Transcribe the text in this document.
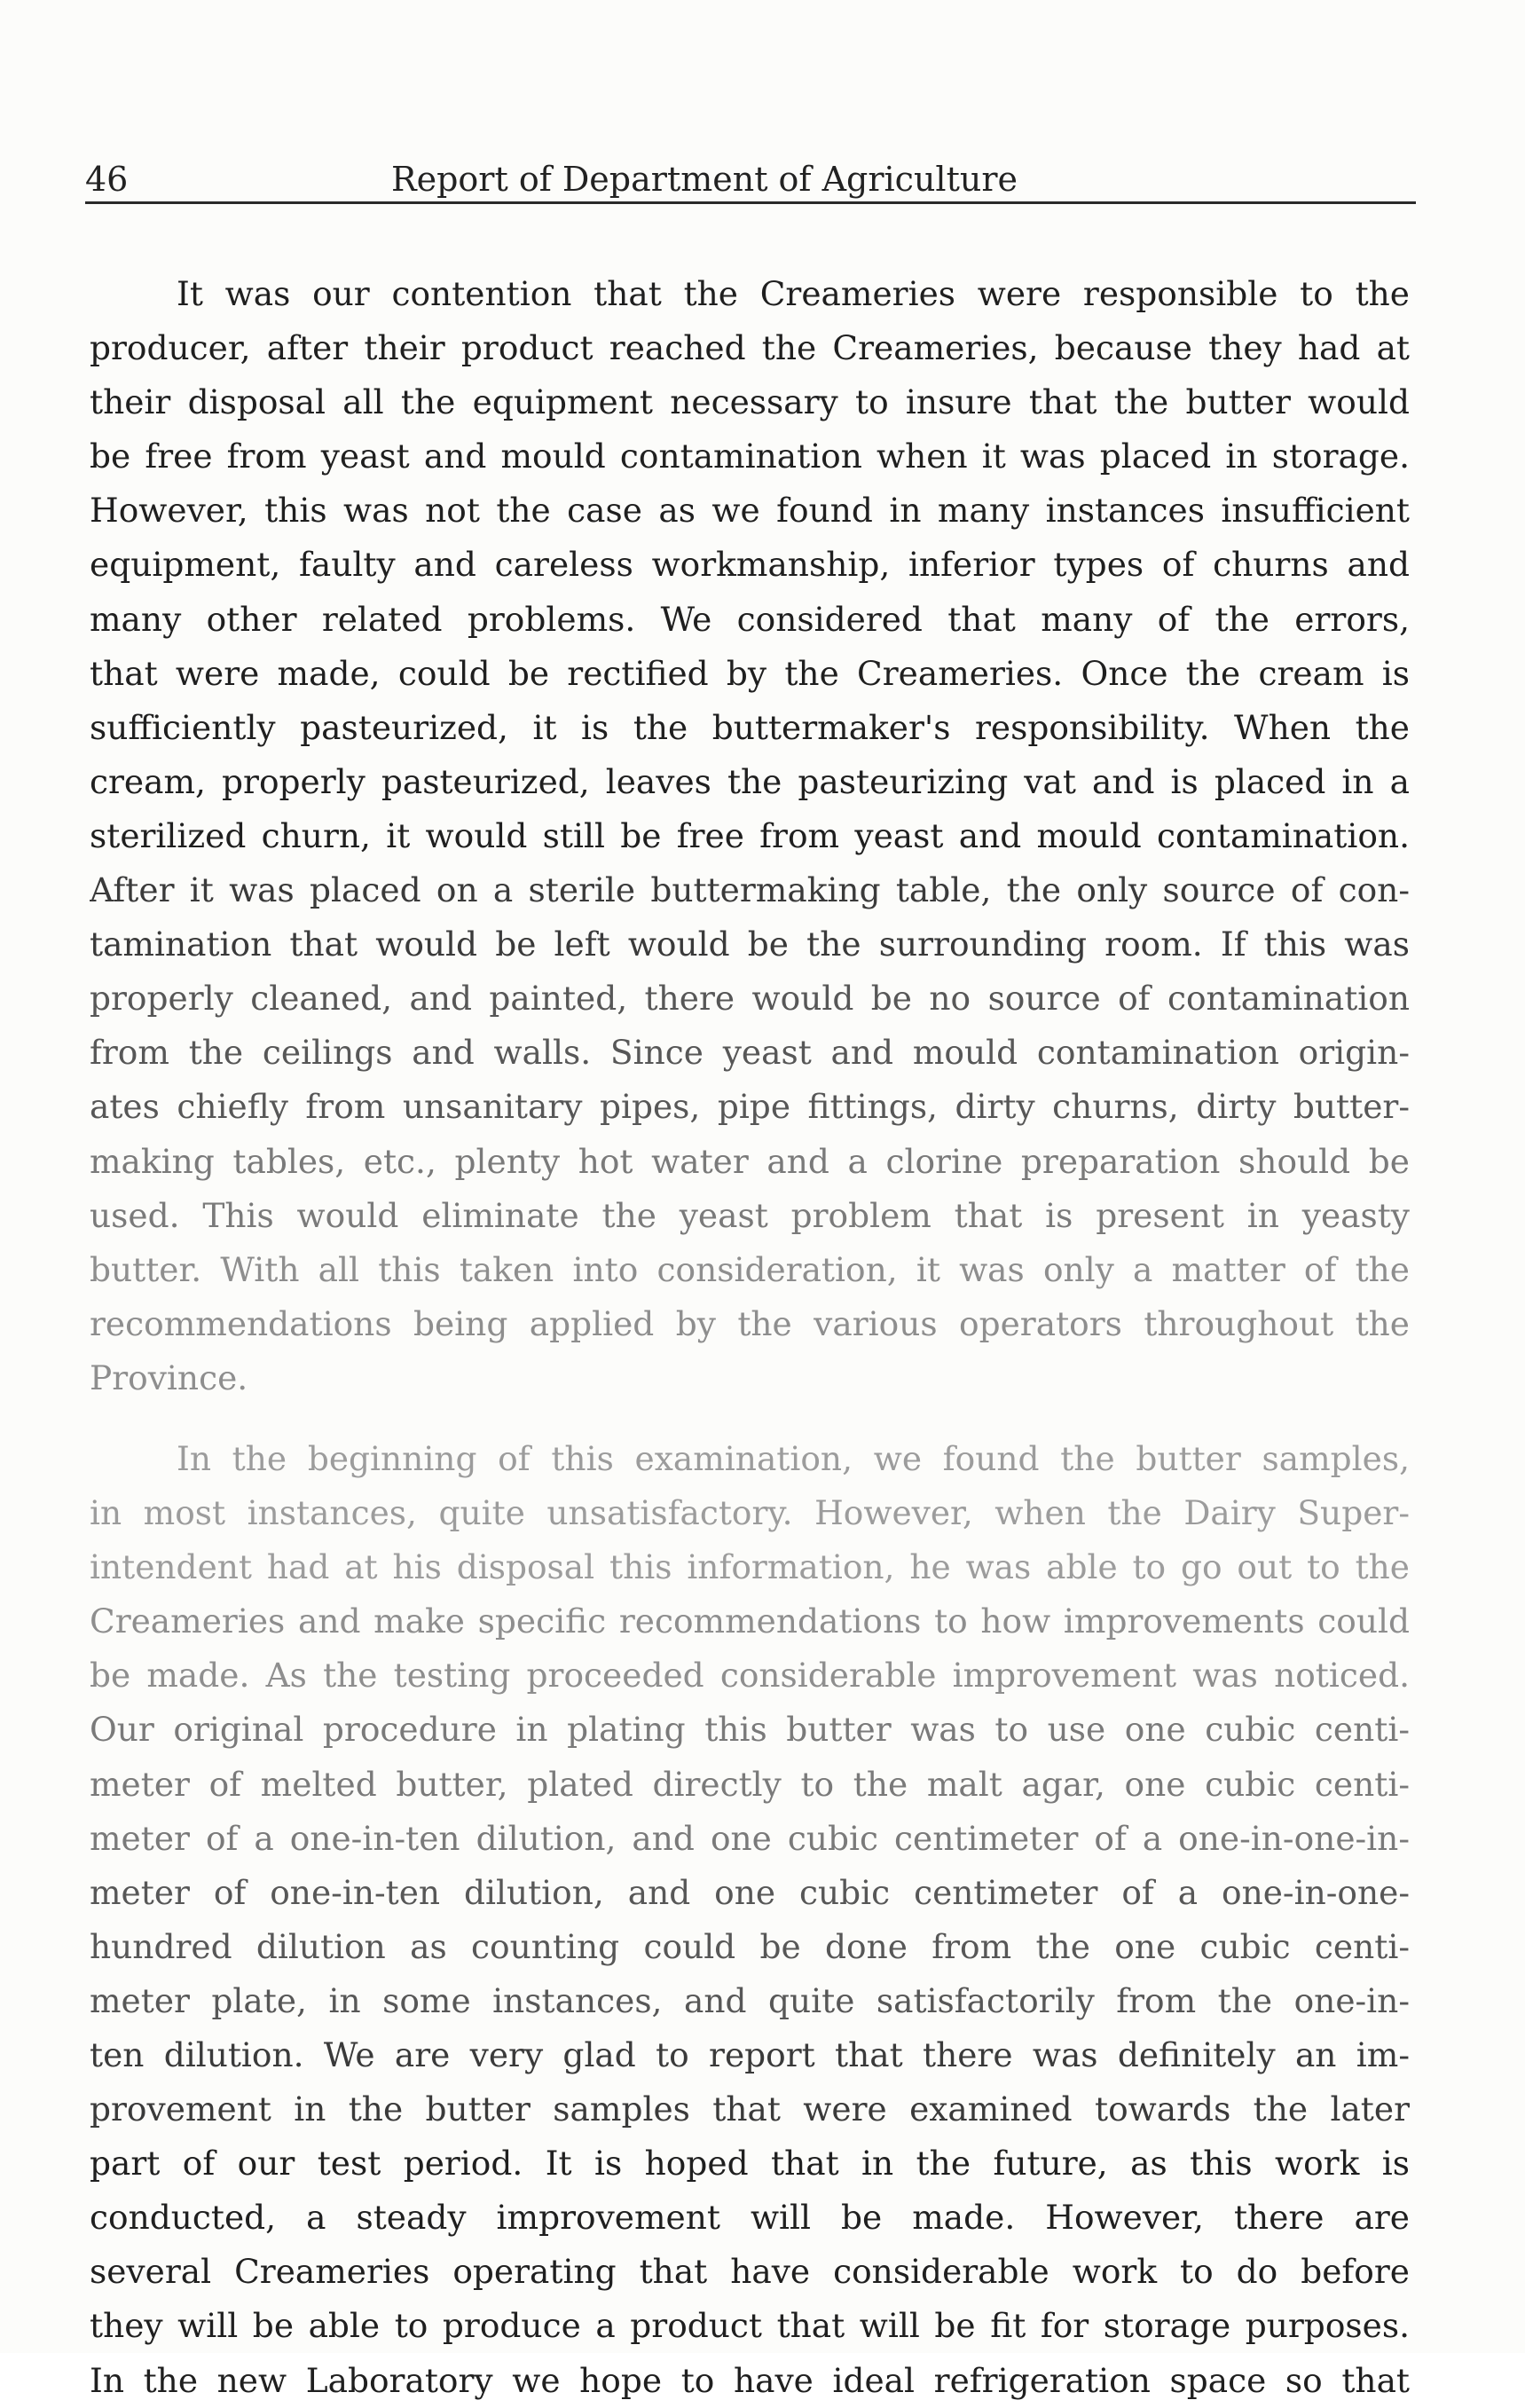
46	Report of Department of Agriculture
It was our contention that the Creameries were responsible to the
producer, after their product reached the Creameries, because they had at
their disposal all the equipment necessary to insure that the butter would
be free from yeast and mould contamination when it was placed in storage.
However, this was not the case as we found in many instances insufficient
equipment, faulty and careless workmanship, inferior types of churns and
many other related problems. We considered that many of the errors,
that were made, could be rectified by the Creameries. Once the cream is
sufficiently pasteurized, it is the buttermaker's responsibility. When the
cream, properly pasteurized, leaves the pasteurizing vat and is placed in a
sterilized churn, it would still be free from yeast and mould contamination.
After it was placed on a sterile buttermaking table, the only source of con-
tamination that would be left would be the surrounding room. If this was
properly cleaned, and painted, there would be no source of contamination
from the ceilings and walls. Since yeast and mould contamination origin-
ates chiefly from unsanitary pipes, pipe fittings, dirty churns, dirty butter-
making tables, etc., plenty hot water and a clorine preparation should be
used. This would eliminate the yeast problem that is present in yeasty
butter. With all this taken into consideration, it was only a matter of the
recommendations being applied by the various operators throughout the
Province.
In the beginning of this examination, we found the butter samples,
in most instances, quite unsatisfactory. However, when the Dairy Super-
intendent had at his disposal this information, he was able to go out to the
Creameries and make specific recommendations to how improvements could
be made. As the testing proceeded considerable improvement was noticed.
Our original procedure in plating this butter was to use one cubic centi-
meter of melted butter, plated directly to the malt agar, one cubic centi-
meter of a one-in-ten dilution, and one cubic centimeter of a one-in-one-in-
meter of one-in-ten dilution, and one cubic centimeter of a one-in-one-
hundred dilution as counting could be done from the one cubic centi-
meter plate, in some instances, and quite satisfactorily from the one-in-
ten dilution. We are very glad to report that there was definitely an im-
provement in the butter samples that were examined towards the later
part of our test period. It is hoped that in the future, as this work is
conducted, a steady improvement will be made. However, there are
several Creameries operating that have considerable work to do before
they will be able to produce a product that will be fit for storage purposes.
In the new Laboratory we hope to have ideal refrigeration space so that
